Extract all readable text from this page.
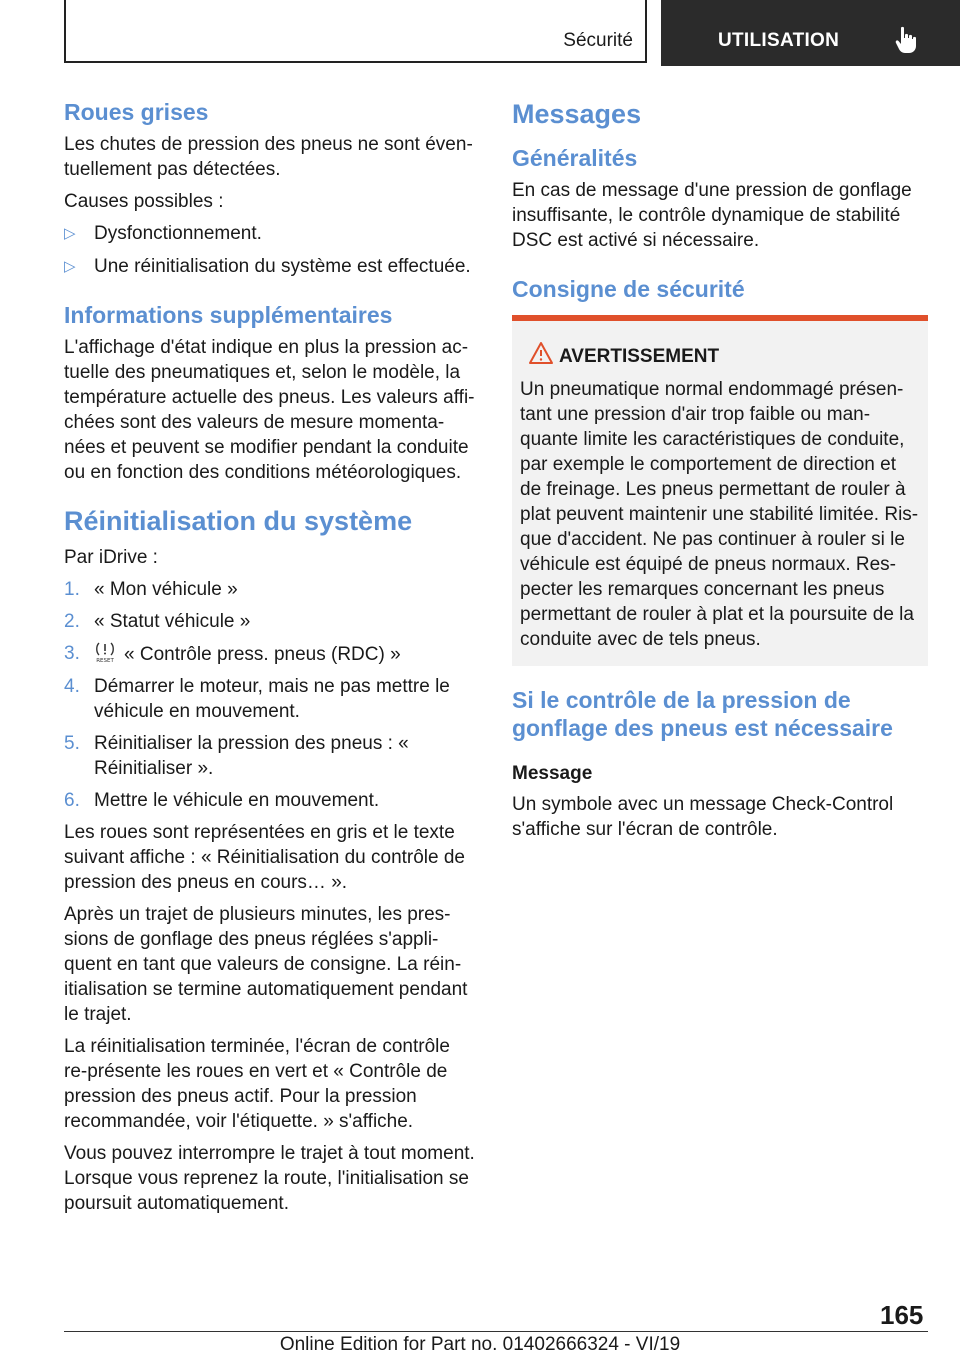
Sécurité	UTILISATION
Roues grises

Les chutes de pression des pneus ne sont éven-tuellement pas détectées.

Causes possibles :

▷ Dysfonctionnement.
▷ Une réinitialisation du système est effectuée.
Informations supplémentaires

L'affichage d'état indique en plus la pression ac-tuelle des pneumatiques et, selon le modèle, la température actuelle des pneus. Les valeurs affi-chées sont des valeurs de mesure momenta-nées et peuvent se modifier pendant la conduite ou en fonction des conditions météorologiques.

Réinitialisation du système

Par iDrive :

1. « Mon véhicule »
2. « Statut véhicule »
3.	RESET « Contrôle press. pneus (RDC) »
4. Démarrer le moteur, mais ne pas mettre le véhicule en mouvement.
5. Réinitialiser la pression des pneus : « Réinitialiser ».
6. Mettre le véhicule en mouvement.

Les roues sont représentées en gris et le texte suivant affiche : « Réinitialisation du contrôle de pression des pneus en cours… ».

Après un trajet de plusieurs minutes, les pres-sions de gonflage des pneus réglées s'appli-quent en tant que valeurs de consigne. La réin-itialisation se termine automatiquement pendant le trajet.

La réinitialisation terminée, l'écran de contrôle re-présente les roues en vert et « Contrôle de pression des pneus actif. Pour la pression recommandée, voir l'étiquette. » s'affiche.

Vous pouvez interrompre le trajet à tout moment. Lorsque vous reprenez la route, l'initialisation se poursuit automatiquement.

Messages
Généralités

En cas de message d'une pression de gonflage insuffisante, le contrôle dynamique de stabilité DSC est activé si nécessaire.

Consigne de sécurité
AVERTISSEMENT

Un pneumatique normal endommagé présen-tant une pression d'air trop faible ou man-quante limite les caractéristiques de conduite, par exemple le comportement de direction et de freinage. Les pneus permettant de rouler à plat peuvent maintenir une stabilité limitée. Ris-que d'accident. Ne pas continuer à rouler si le véhicule est équipé de pneus normaux. Res-pecter les remarques concernant les pneus permettant de rouler à plat et la poursuite de la conduite avec de tels pneus.

Si le contrôle de la pression de gonflage des pneus est nécessaire
Message

Un symbole avec un message Check-Control s'affiche sur l'écran de contrôle.

165
Online Edition for Part no. 01402666324 - VI/19
